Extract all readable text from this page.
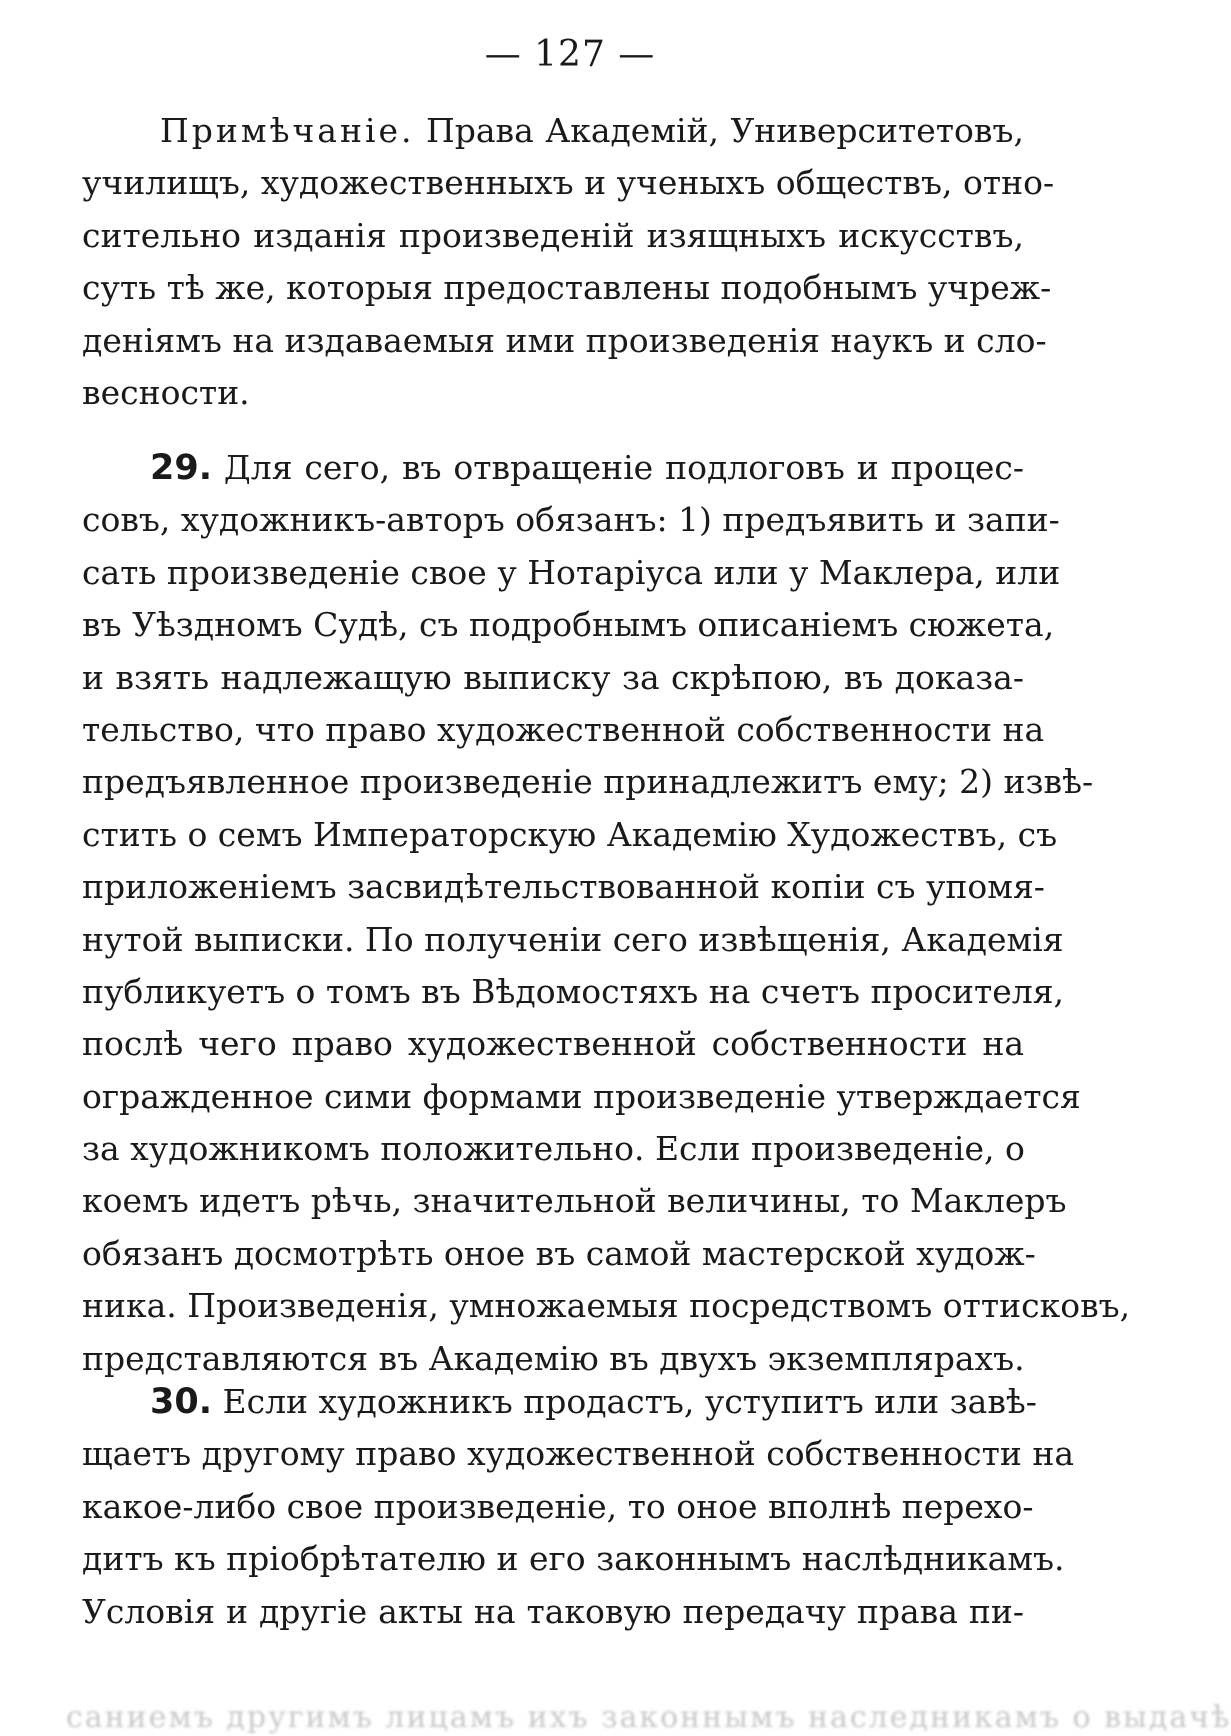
— 127 —
Примѣчаніе. Права Академій, Университетовъ,
училищъ, художественныхъ и ученыхъ обществъ, отно-
сительно изданія произведеній изящныхъ искусствъ,
суть тѣ же, которыя предоставлены подобнымъ учреж-
деніямъ на издаваемыя ими произведенія наукъ и сло-
весности.
29. Для сего, въ отвращеніе подлоговъ и процес-
совъ, художникъ-авторъ обязанъ: 1) предъявить и запи-
сать произведеніе свое у Нотаріуса или у Маклера, или
въ Уѣздномъ Судѣ, съ подробнымъ описаніемъ сюжета,
и взять надлежащую выписку за скрѣпою, въ доказа-
тельство, что право художественной собственности на
предъявленное произведеніе принадлежитъ ему; 2) извѣ-
стить о семъ Императорскую Академію Художествъ, съ
приложеніемъ засвидѣтельствованной копіи съ упомя-
нутой выписки. По полученіи сего извѣщенія, Академія
публикуетъ о томъ въ Вѣдомостяхъ на счетъ просителя,
послѣ чего право художественной собственности на
огражденное сими формами произведеніе утверждается
за художникомъ положительно. Если произведеніе, о
коемъ идетъ рѣчь, значительной величины, то Маклеръ
обязанъ досмотрѣть оное въ самой мастерской худож-
ника. Произведенія, умножаемыя посредствомъ оттисковъ,
представляются въ Академію въ двухъ экземплярахъ.
30. Если художникъ продастъ, уступитъ или завѣ-
щаетъ другому право художественной собственности на
какое-либо свое произведеніе, то оное вполнѣ перехо-
дитъ къ пріобрѣтателю и его законнымъ наслѣдникамъ.
Условія и другіе акты на таковую передачу права пи-
саниемъ другимъ лицамъ ихъ законнымъ наследникамъ о выдачѣ
